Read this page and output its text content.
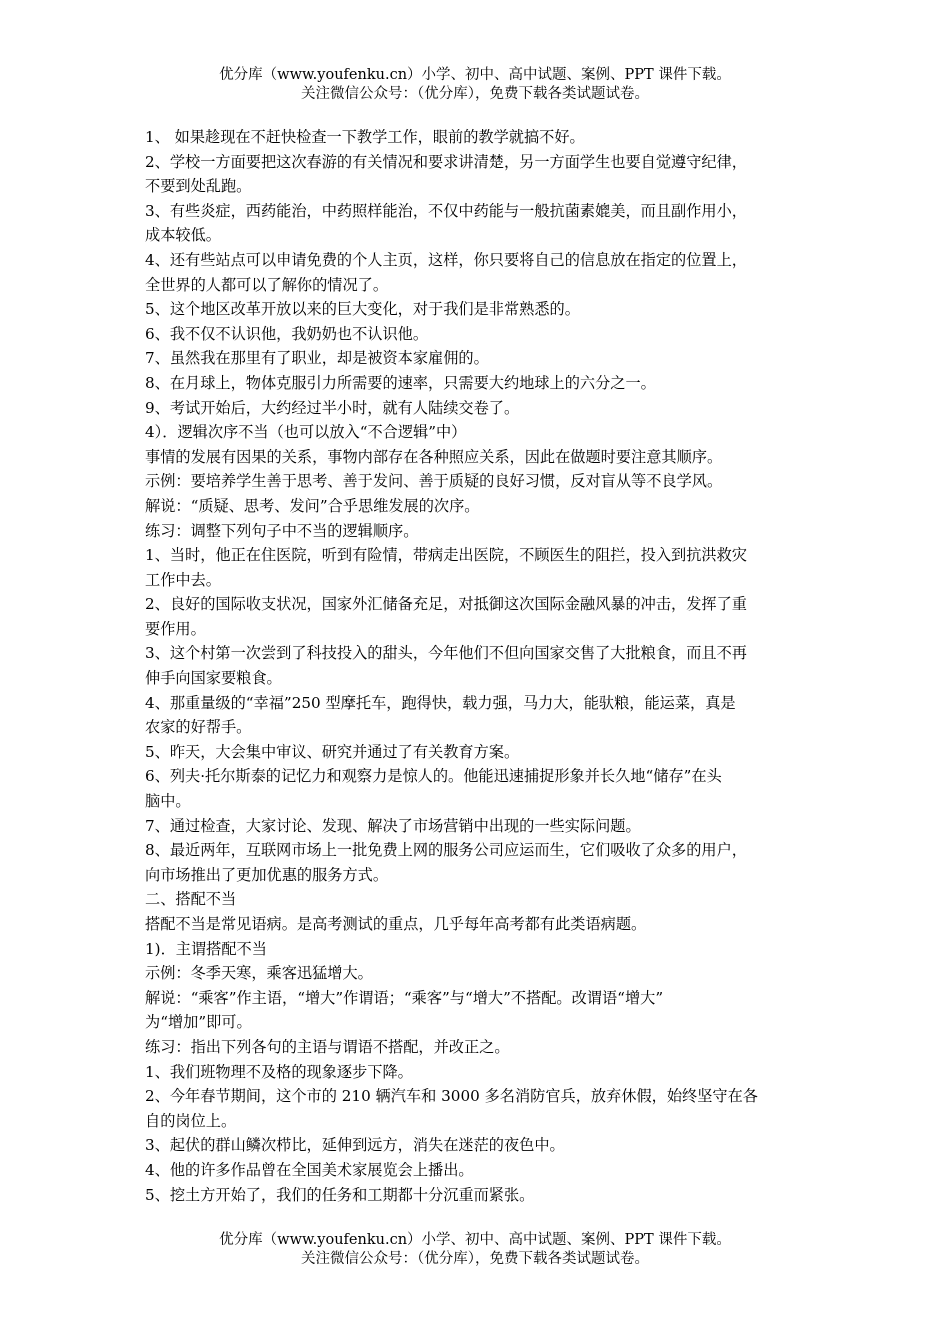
优分库（www.youfenku.cn）小学、初中、高中试题、案例、PPT 课件下载。
关注微信公众号：（优分库），免费下载各类试题试卷。
1、 如果趁现在不赶快检查一下教学工作，眼前的教学就搞不好。
2、学校一方面要把这次春游的有关情况和要求讲清楚，另一方面学生也要自觉遵守纪律，
不要到处乱跑。
3、有些炎症，西药能治，中药照样能治，不仅中药能与一般抗菌素媲美，而且副作用小，
成本较低。
4、还有些站点可以申请免费的个人主页，这样，你只要将自己的信息放在指定的位置上，
全世界的人都可以了解你的情况了。
5、这个地区改革开放以来的巨大变化，对于我们是非常熟悉的。
6、我不仅不认识他，我奶奶也不认识他。
7、虽然我在那里有了职业，却是被资本家雇佣的。
8、在月球上，物体克服引力所需要的速率，只需要大约地球上的六分之一。
9、考试开始后，大约经过半小时，就有人陆续交卷了。
4）．逻辑次序不当（也可以放入“不合逻辑”中）
事情的发展有因果的关系，事物内部存在各种照应关系，因此在做题时要注意其顺序。
示例：要培养学生善于思考、善于发问、善于质疑的良好习惯，反对盲从等不良学风。
解说：“质疑、思考、发问”合乎思维发展的次序。
练习：调整下列句子中不当的逻辑顺序。
1、当时，他正在住医院，听到有险情，带病走出医院，不顾医生的阻拦，投入到抗洪救灾
工作中去。
2、良好的国际收支状况，国家外汇储备充足，对抵御这次国际金融风暴的冲击，发挥了重
要作用。
3、这个村第一次尝到了科技投入的甜头，今年他们不但向国家交售了大批粮食，而且不再
伸手向国家要粮食。
4、那重量级的“幸福”250 型摩托车，跑得快，载力强，马力大，能驮粮，能运菜，真是
农家的好帮手。
5、昨天，大会集中审议、研究并通过了有关教育方案。
6、列夫·托尔斯泰的记忆力和观察力是惊人的。他能迅速捕捉形象并长久地“储存”在头
脑中。
7、通过检查，大家讨论、发现、解决了市场营销中出现的一些实际问题。
8、最近两年，互联网市场上一批免费上网的服务公司应运而生，它们吸收了众多的用户，
向市场推出了更加优惠的服务方式。
二、搭配不当
搭配不当是常见语病。是高考测试的重点，几乎每年高考都有此类语病题。
1)．主谓搭配不当
示例：冬季天寒，乘客迅猛增大。
解说：“乘客”作主语，“增大”作谓语；“乘客”与“增大”不搭配。改谓语“增大”
为“增加”即可。
练习：指出下列各句的主语与谓语不搭配，并改正之。
1、我们班物理不及格的现象逐步下降。
2、今年春节期间，这个市的 210 辆汽车和 3000 多名消防官兵，放弃休假，始终坚守在各
自的岗位上。
3、起伏的群山鳞次栉比，延伸到远方，消失在迷茫的夜色中。
4、他的许多作品曾在全国美术家展览会上播出。
5、挖土方开始了，我们的任务和工期都十分沉重而紧张。
优分库（www.youfenku.cn）小学、初中、高中试题、案例、PPT 课件下载。
关注微信公众号：（优分库），免费下载各类试题试卷。
